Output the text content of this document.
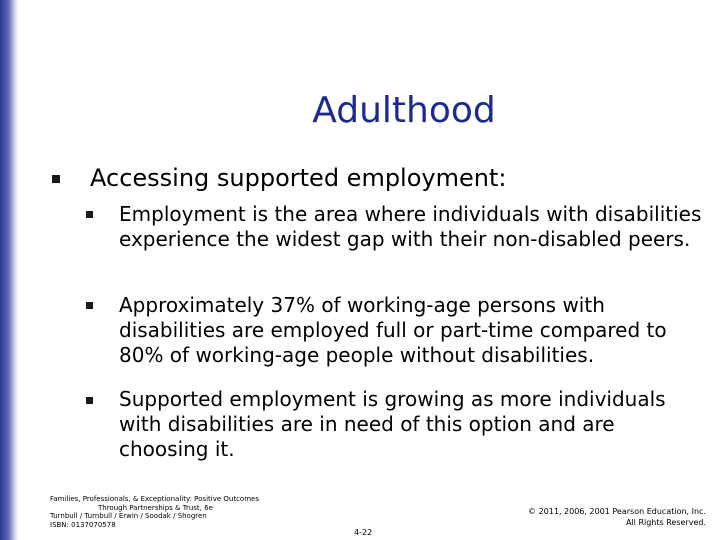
Adulthood
Accessing supported employment:
Employment is the area where individuals with disabilities experience the widest gap with their non-disabled peers.
Approximately 37% of working-age persons with disabilities are employed full or part-time compared to 80% of working-age people without disabilities.
Supported employment is growing as more individuals with disabilities are in need of this option and are choosing it.
Families, Professionals, & Exceptionality: Positive Outcomes
Through Partnerships & Trust, 6e
Turnbull / Turnbull / Erwin / Soodak / Shogren
ISBN: 0137070578
4-22
© 2011, 2006, 2001 Pearson Education, Inc.
All Rights Reserved.
